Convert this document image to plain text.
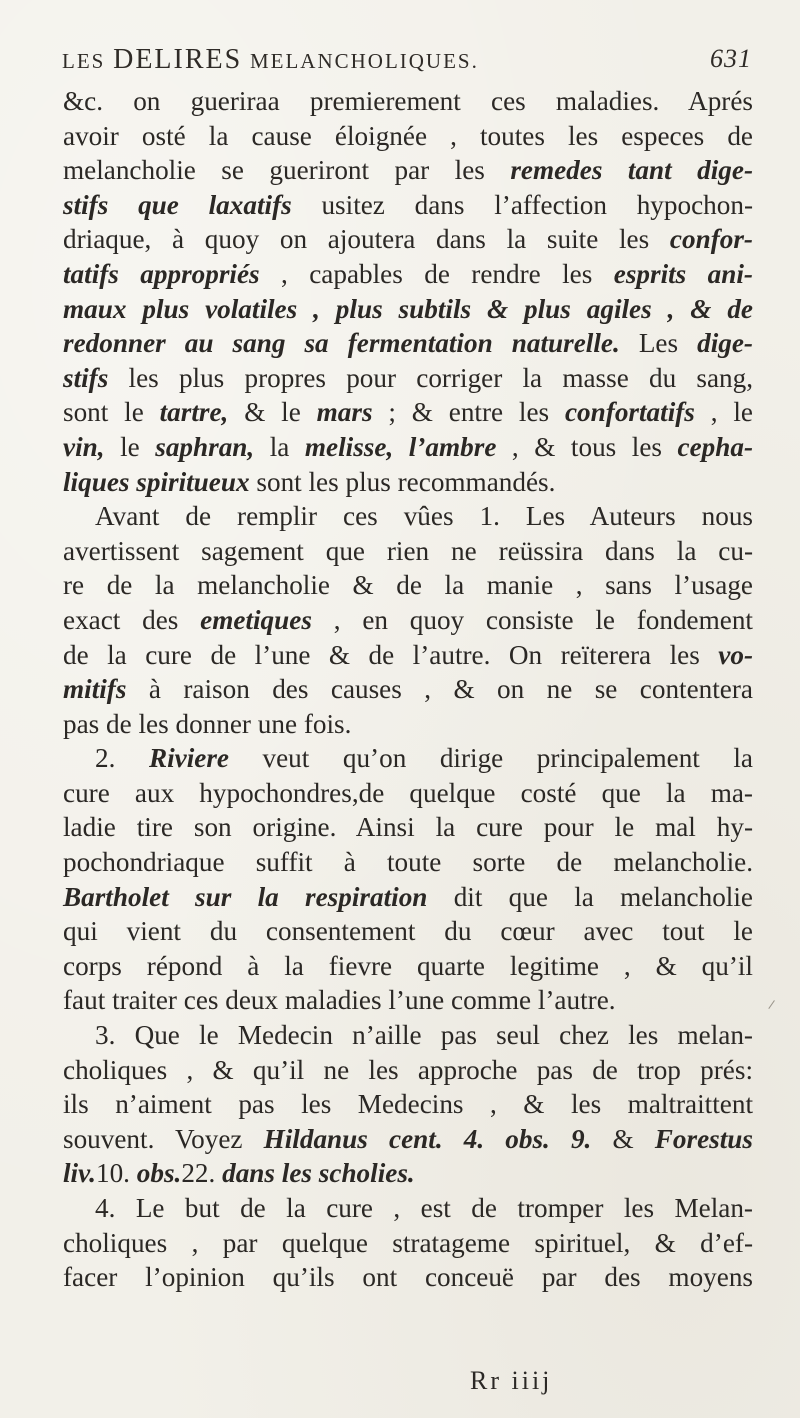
LES DELIRES MELANCHOLIQUES.	631
&c. on gueriraa premierement ces maladies. Aprés
avoir osté la cause éloignée , toutes les especes de
melancholie se gueriront par les remedes tant dige-
stifs que laxatifs usitez dans l’affection hypochon-
driaque, à quoy on ajoutera dans la suite les confor-
tatifs appropriés , capables de rendre les esprits ani-
maux plus volatiles , plus subtils & plus agiles , & de
redonner au sang sa fermentation naturelle. Les dige-
stifs les plus propres pour corriger la masse du sang,
sont le tartre, & le mars ; & entre les confortatifs , le
vin, le saphran, la melisse, l’ambre , & tous les cepha-
liques spiritueux sont les plus recommandés.
Avant de remplir ces vûes 1. Les Auteurs nous
avertissent sagement que rien ne reüssira dans la cu-
re de la melancholie & de la manie , sans l’usage
exact des emetiques , en quoy consiste le fondement
de la cure de l’une & de l’autre. On reïterera les vo-
mitifs à raison des causes , & on ne se contentera
pas de les donner une fois.
2. Riviere veut qu’on dirige principalement la
cure aux hypochondres,de quelque costé que la ma-
ladie tire son origine. Ainsi la cure pour le mal hy-
pochondriaque suffit à toute sorte de melancholie.
Bartholet sur la respiration dit que la melancholie
qui vient du consentement du cœur avec tout le
corps répond à la fievre quarte legitime , & qu’il
faut traiter ces deux maladies l’une comme l’autre.
3. Que le Medecin n’aille pas seul chez les melan-
choliques , & qu’il ne les approche pas de trop prés:
ils n’aiment pas les Medecins , & les maltraittent
souvent. Voyez Hildanus cent. 4. obs. 9. & Forestus
liv.10. obs.22. dans les scholies.
4. Le but de la cure , est de tromper les Melan-
choliques , par quelque stratageme spirituel, & d’ef-
facer l’opinion qu’ils ont conceuë par des moyens
Rr iiij
